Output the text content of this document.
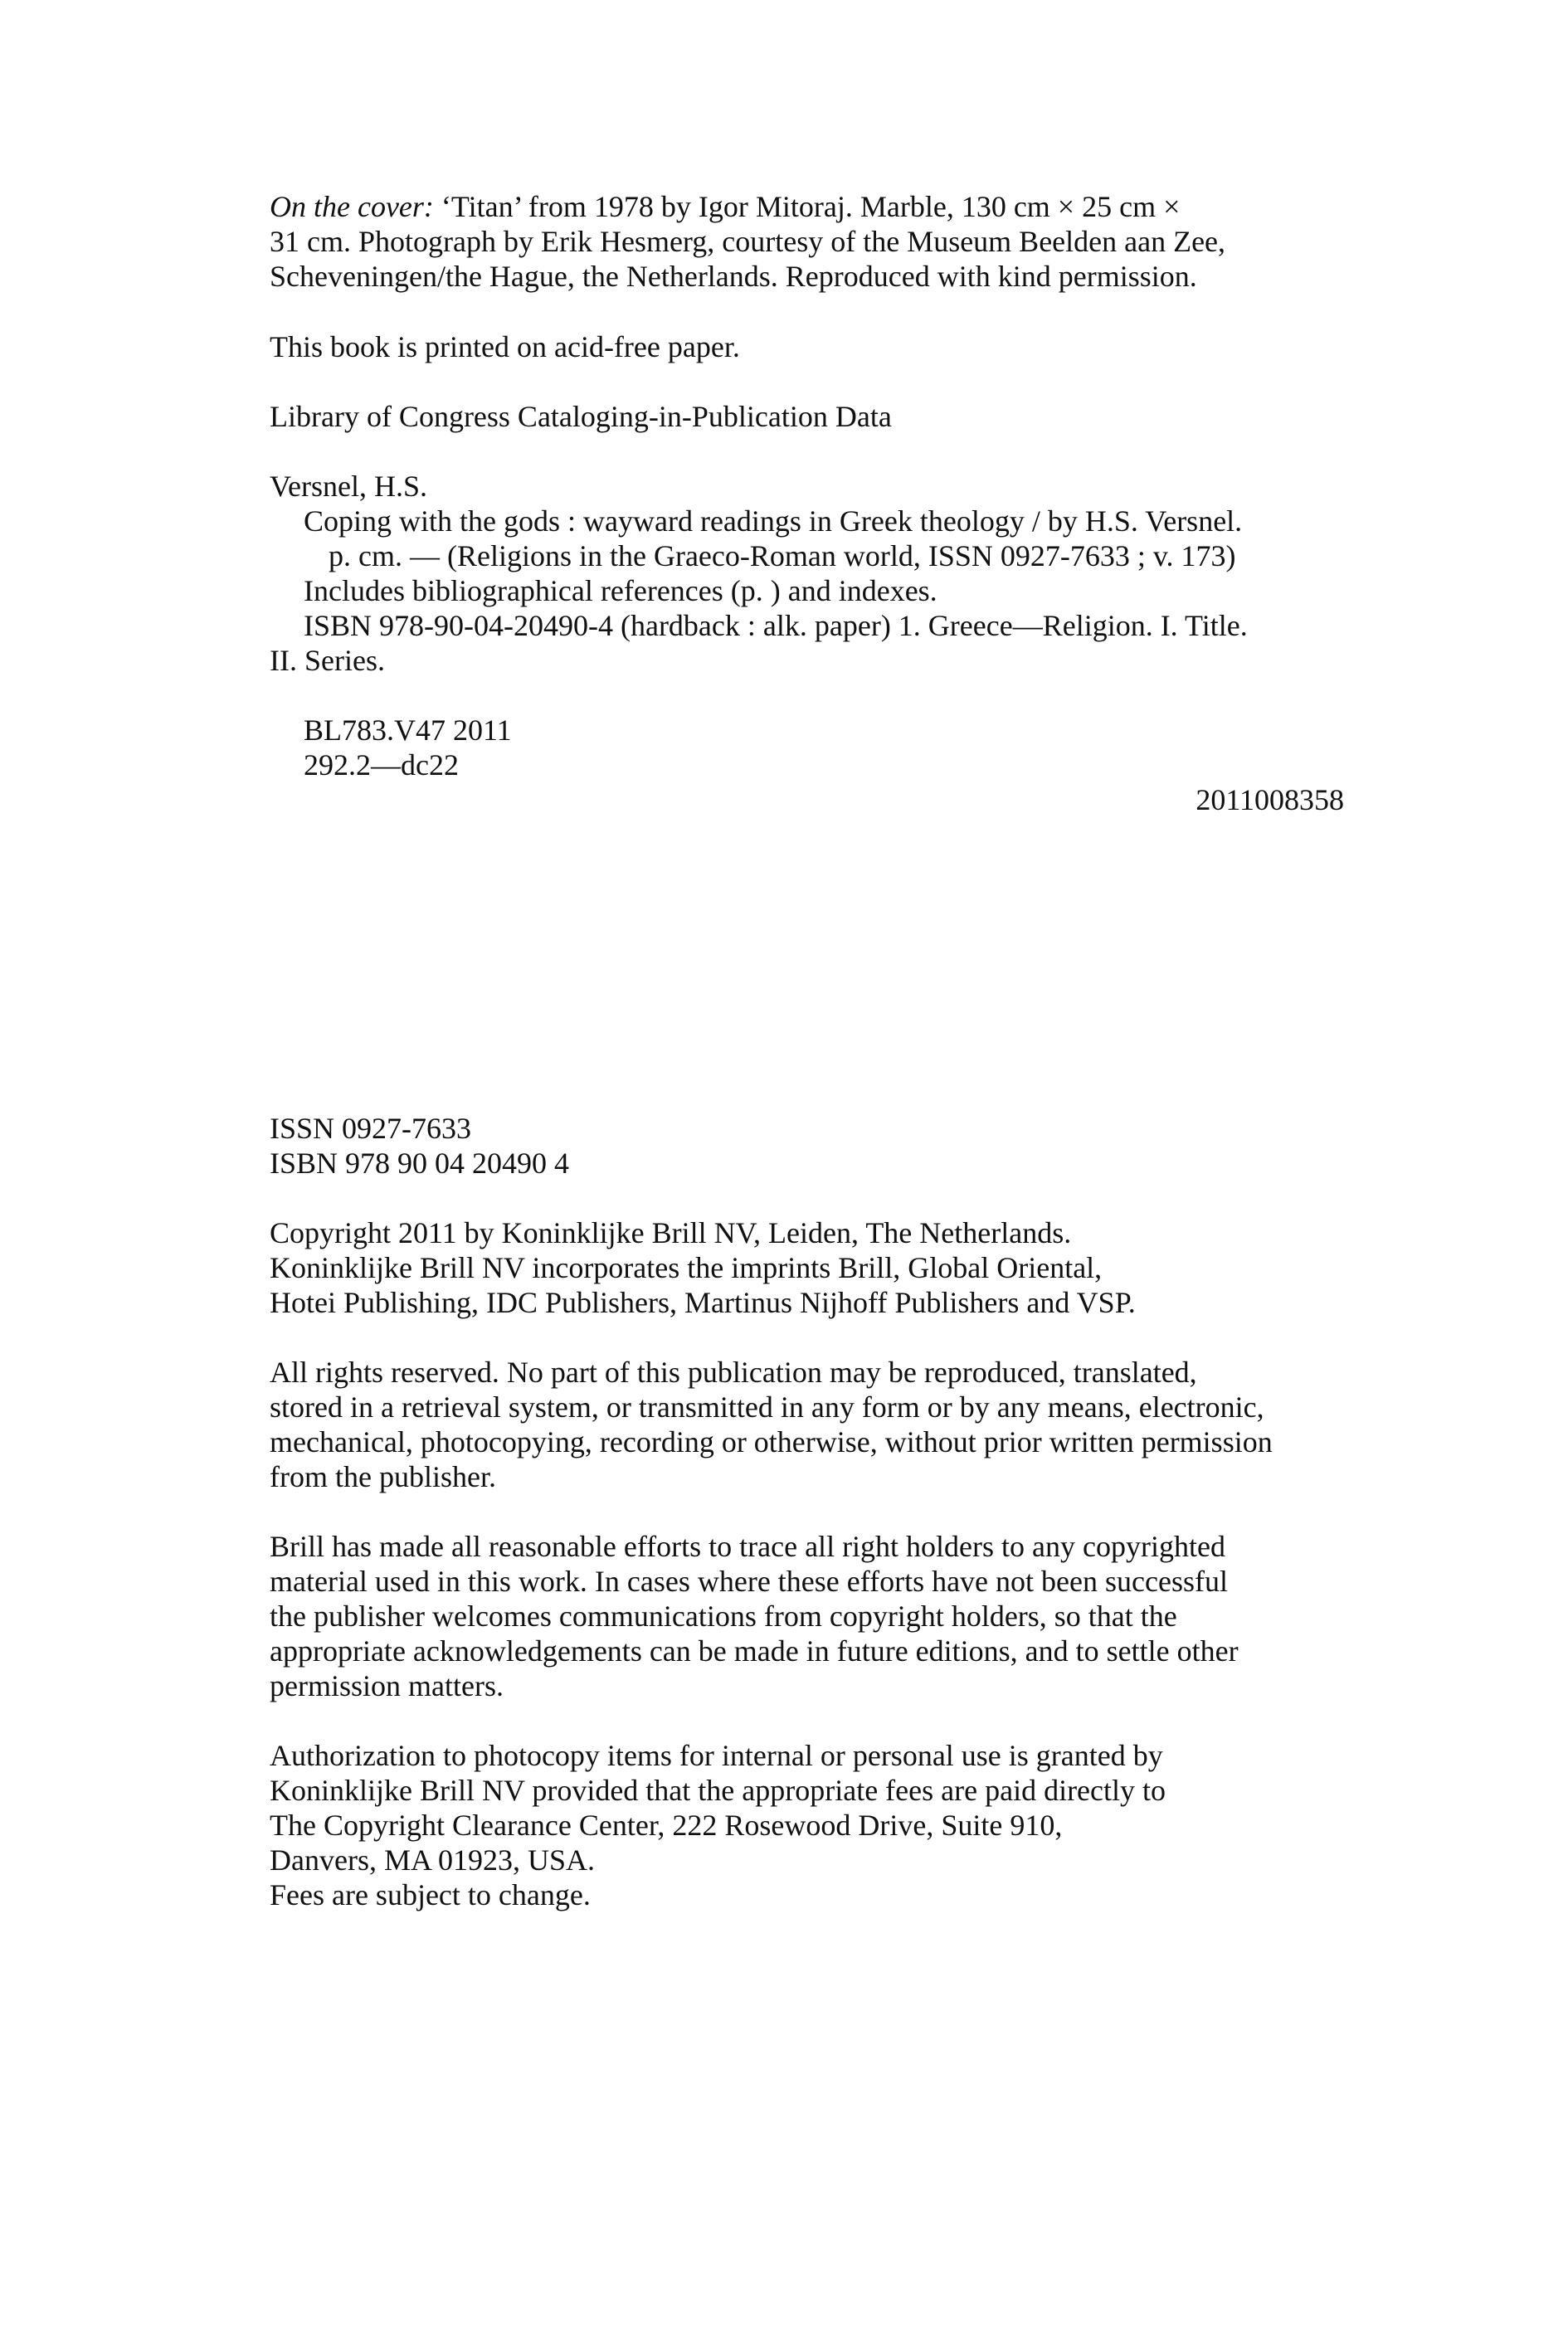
On the cover: ‘Titan’ from 1978 by Igor Mitoraj. Marble, 130 cm × 25 cm ×
31 cm. Photograph by Erik Hesmerg, courtesy of the Museum Beelden aan Zee,
Scheveningen/the Hague, the Netherlands. Reproduced with kind permission.
This book is printed on acid-free paper.
Library of Congress Cataloging-in-Publication Data
Versnel, H.S.
Coping with the gods : wayward readings in Greek theology / by H.S. Versnel.
p. cm. — (Religions in the Graeco-Roman world, ISSN 0927-7633 ; v. 173)
Includes bibliographical references (p. ) and indexes.
ISBN 978-90-04-20490-4 (hardback : alk. paper) 1. Greece—Religion. I. Title.
II. Series.
BL783.V47 2011
292.2—dc22
2011008358
ISSN 0927-7633
ISBN 978 90 04 20490 4
Copyright 2011 by Koninklijke Brill NV, Leiden, The Netherlands.
Koninklijke Brill NV incorporates the imprints Brill, Global Oriental,
Hotei Publishing, IDC Publishers, Martinus Nijhoff Publishers and VSP.
All rights reserved. No part of this publication may be reproduced, translated,
stored in a retrieval system, or transmitted in any form or by any means, electronic,
mechanical, photocopying, recording or otherwise, without prior written permission
from the publisher.
Brill has made all reasonable efforts to trace all right holders to any copyrighted
material used in this work. In cases where these efforts have not been successful
the publisher welcomes communications from copyright holders, so that the
appropriate acknowledgements can be made in future editions, and to settle other
permission matters.
Authorization to photocopy items for internal or personal use is granted by
Koninklijke Brill NV provided that the appropriate fees are paid directly to
The Copyright Clearance Center, 222 Rosewood Drive, Suite 910,
Danvers, MA 01923, USA.
Fees are subject to change.
